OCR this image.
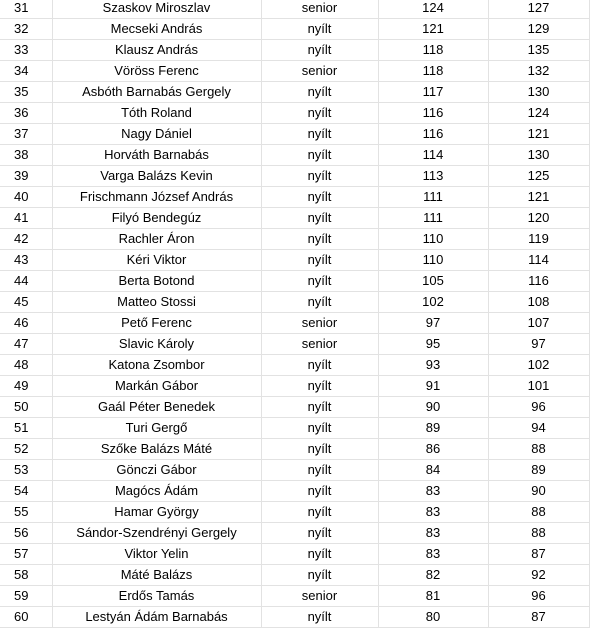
31	Szaskov Miroszlav	senior	124	127
32	Mecseki András	nyílt	121	129
33	Klausz András	nyílt	118	135
34	Vöröss Ferenc	senior	118	132
35	Asbóth Barnabás Gergely	nyílt	117	130
36	Tóth Roland	nyílt	116	124
37	Nagy Dániel	nyílt	116	121
38	Horváth Barnabás	nyílt	114	130
39	Varga Balázs Kevin	nyílt	113	125
40	Frischmann József András	nyílt	111	121
41	Filyó Bendegúz	nyílt	111	120
42	Rachler Áron	nyílt	110	119
43	Kéri Viktor	nyílt	110	114
44	Berta Botond	nyílt	105	116
45	Matteo Stossi	nyílt	102	108
46	Pető Ferenc	senior	97	107
47	Slavic Károly	senior	95	97
48	Katona Zsombor	nyílt	93	102
49	Markán Gábor	nyílt	91	101
50	Gaál Péter Benedek	nyílt	90	96
51	Turi Gergő	nyílt	89	94
52	Szőke Balázs Máté	nyílt	86	88
53	Gönczi Gábor	nyílt	84	89
54	Magócs Ádám	nyílt	83	90
55	Hamar György	nyílt	83	88
56	Sándor-Szendrényi Gergely	nyílt	83	88
57	Viktor Yelin	nyílt	83	87
58	Máté Balázs	nyílt	82	92
59	Erdős Tamás	senior	81	96
60	Lestyán Ádám Barnabás	nyílt	80	87
